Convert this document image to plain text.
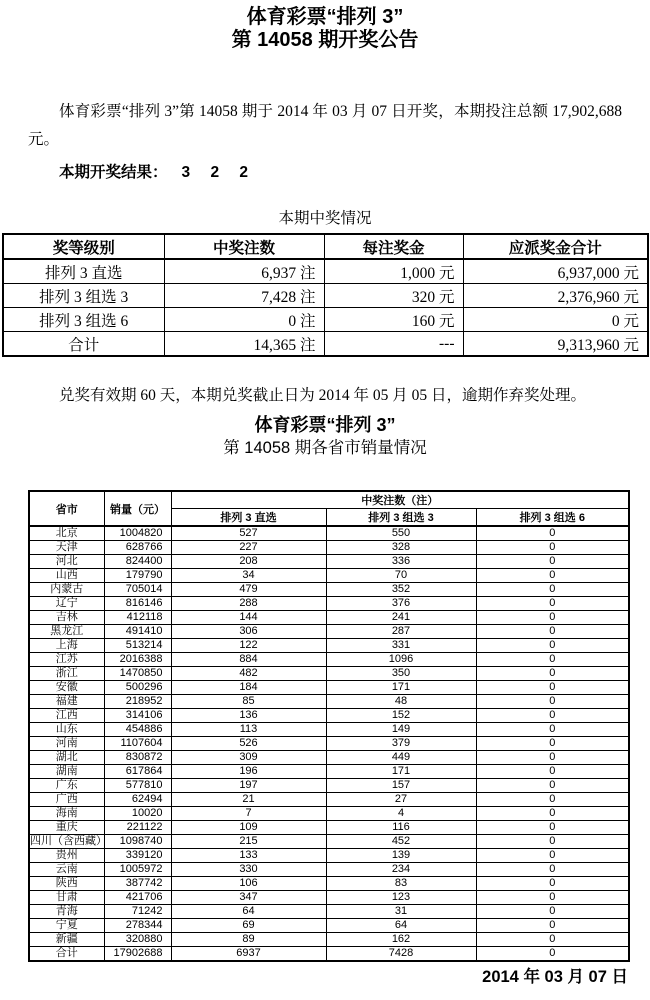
体育彩票“排列 3”
第 14058 期开奖公告

体育彩票“排列 3”第 14058 期于 2014 年 03 月 07 日开奖，本期投注总额 17,902,688 元。

本期开奖结果： 3 2 2
本期中奖情况
奖等级别	中奖注数	每注奖金	应派奖金合计
排列 3 直选	6,937 注	1,000 元	6,937,000 元
排列 3 组选 3	7,428 注	320 元	2,376,960 元
排列 3 组选 6	0 注	160 元	0 元
合计	14,365 注	---	9,313,960 元

兑奖有效期 60 天，本期兑奖截止日为 2014 年 05 月 05 日，逾期作弃奖处理。

体育彩票“排列 3”
第 14058 期各省市销量情况
省市	销量（元）	中奖注数（注）		
		排列 3 直选	排列 3 组选 3	排列 3 组选 6
北京	1004820	527	550	0
天津	628766	227	328	0
河北	824400	208	336	0
山西	179790	34	70	0
内蒙古	705014	479	352	0
辽宁	816146	288	376	0
吉林	412118	144	241	0
黑龙江	491410	306	287	0
上海	513214	122	331	0
江苏	2016388	884	1096	0
浙江	1470850	482	350	0
安徽	500296	184	171	0
福建	218952	85	48	0
江西	314106	136	152	0
山东	454886	113	149	0
河南	1107604	526	379	0
湖北	830872	309	449	0
湖南	617864	196	171	0
广东	577810	197	157	0
广西	62494	21	27	0
海南	10020	7	4	0
重庆	221122	109	116	0
四川（含西藏）	1098740	215	452	0
贵州	339120	133	139	0
云南	1005972	330	234	0
陕西	387742	106	83	0
甘肃	421706	347	123	0
青海	71242	64	31	0
宁夏	278344	69	64	0
新疆	320880	89	162	0
合计	17902688	6937	7428	0
2014 年 03 月 07 日
